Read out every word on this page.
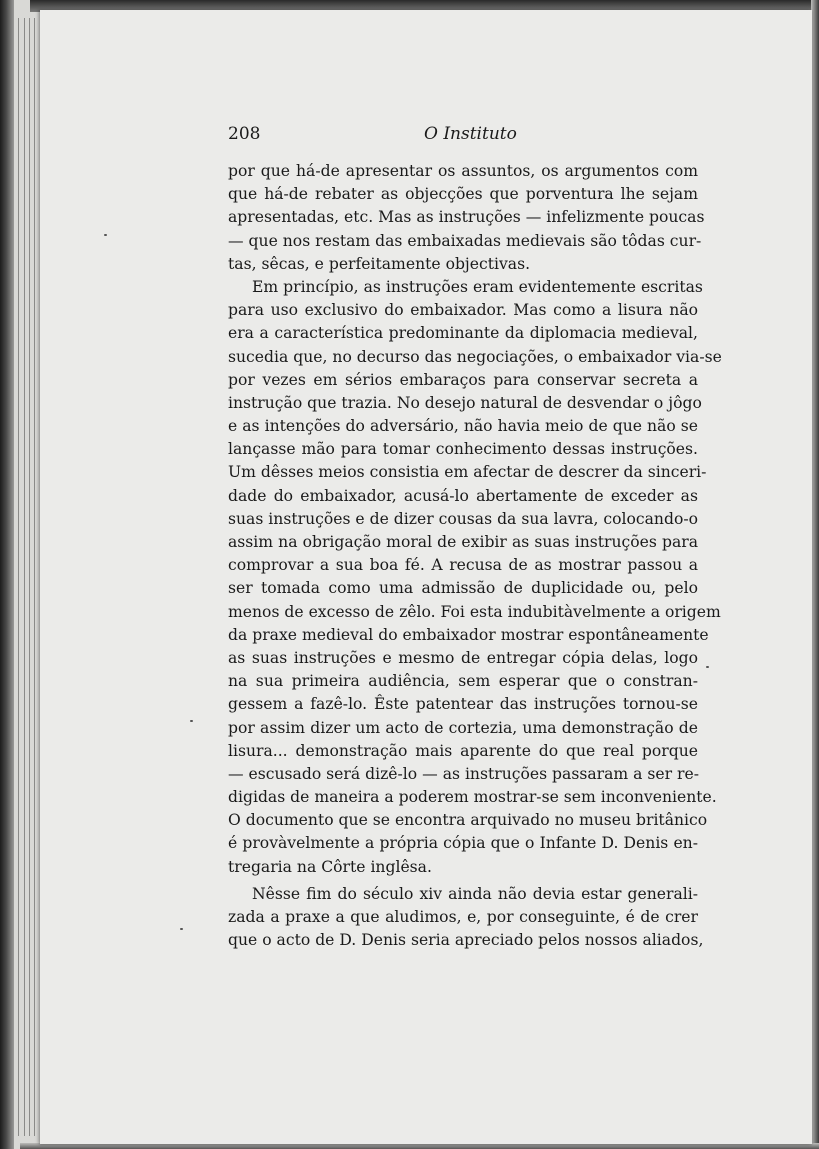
208	O Instituto
por que há-de apresentar os assuntos, os argumentos com
que há-de rebater as objecções que porventura lhe sejam
apresentadas, etc. Mas as instruções — infelizmente poucas
— que nos restam das embaixadas medievais são tôdas cur-
tas, sêcas, e perfeitamente objectivas.
Em princípio, as instruções eram evidentemente escritas
para uso exclusivo do embaixador. Mas como a lisura não
era a característica predominante da diplomacia medieval,
sucedia que, no decurso das negociações, o embaixador via-se
por vezes em sérios embaraços para conservar secreta a
instrução que trazia. No desejo natural de desvendar o jôgo
e as intenções do adversário, não havia meio de que não se
lançasse mão para tomar conhecimento dessas instruções.
Um dêsses meios consistia em afectar de descrer da sinceri-
dade do embaixador, acusá-lo abertamente de exceder as
suas instruções e de dizer cousas da sua lavra, colocando-o
assim na obrigação moral de exibir as suas instruções para
comprovar a sua boa fé. A recusa de as mostrar passou a
ser tomada como uma admissão de duplicidade ou, pelo
menos de excesso de zêlo. Foi esta indubitàvelmente a origem
da praxe medieval do embaixador mostrar espontâneamente
as suas instruções e mesmo de entregar cópia delas, logo
na sua primeira audiência, sem esperar que o constran-
gessem a fazê-lo. Êste patentear das instruções tornou-se
por assim dizer um acto de cortezia, uma demonstração de
lisura... demonstração mais aparente do que real porque
— escusado será dizê-lo — as instruções passaram a ser re-
digidas de maneira a poderem mostrar-se sem inconveniente.
O documento que se encontra arquivado no museu britânico
é provàvelmente a própria cópia que o Infante D. Denis en-
tregaria na Côrte inglêsa.
Nêsse fim do século xiv ainda não devia estar generali-
zada a praxe a que aludimos, e, por conseguinte, é de crer
que o acto de D. Denis seria apreciado pelos nossos aliados,
